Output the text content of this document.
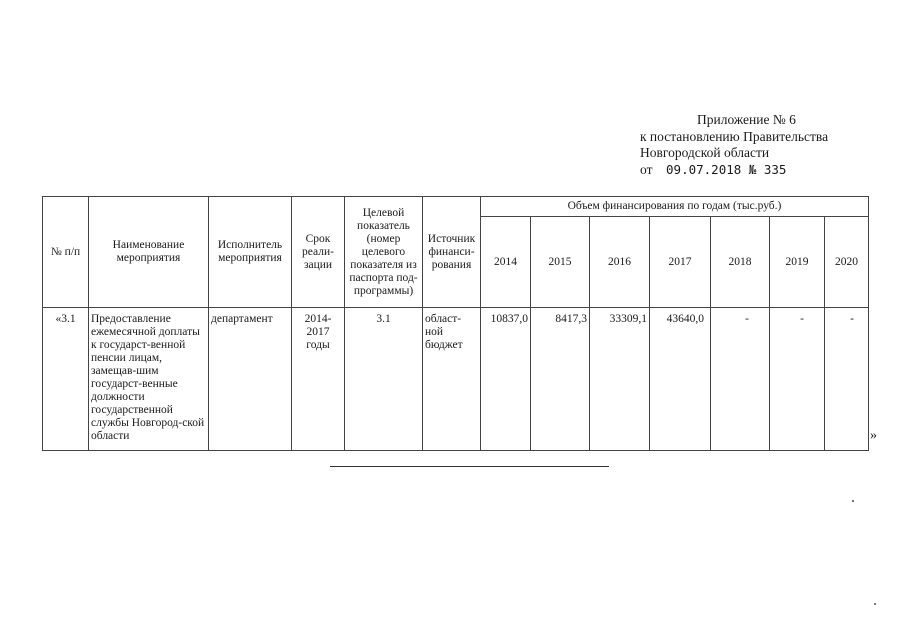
Приложение № 6
к постановлению Правительства
Новгородской области
от 09.07.2018 № 335
№ п/п	Наименование мероприятия	Исполнитель мероприятия	Срок реали-зации	Целевой показатель (номер целевого показателя из паспорта под-программы)	Источник финанси-рования	Объем финансирования по годам (тыс.руб.)						
						2014	2015	2016	2017	2018	2019	2020
«3.1	Предоставление ежемесячной доплаты к государст-венной пенсии лицам, замещав-шим государст-венные должности государственной службы Новгород-ской области	департамент	2014-2017 годы	3.1	област-ной бюджет	10837,0	8417,3	33309,1	43640,0	-	-	-
»
